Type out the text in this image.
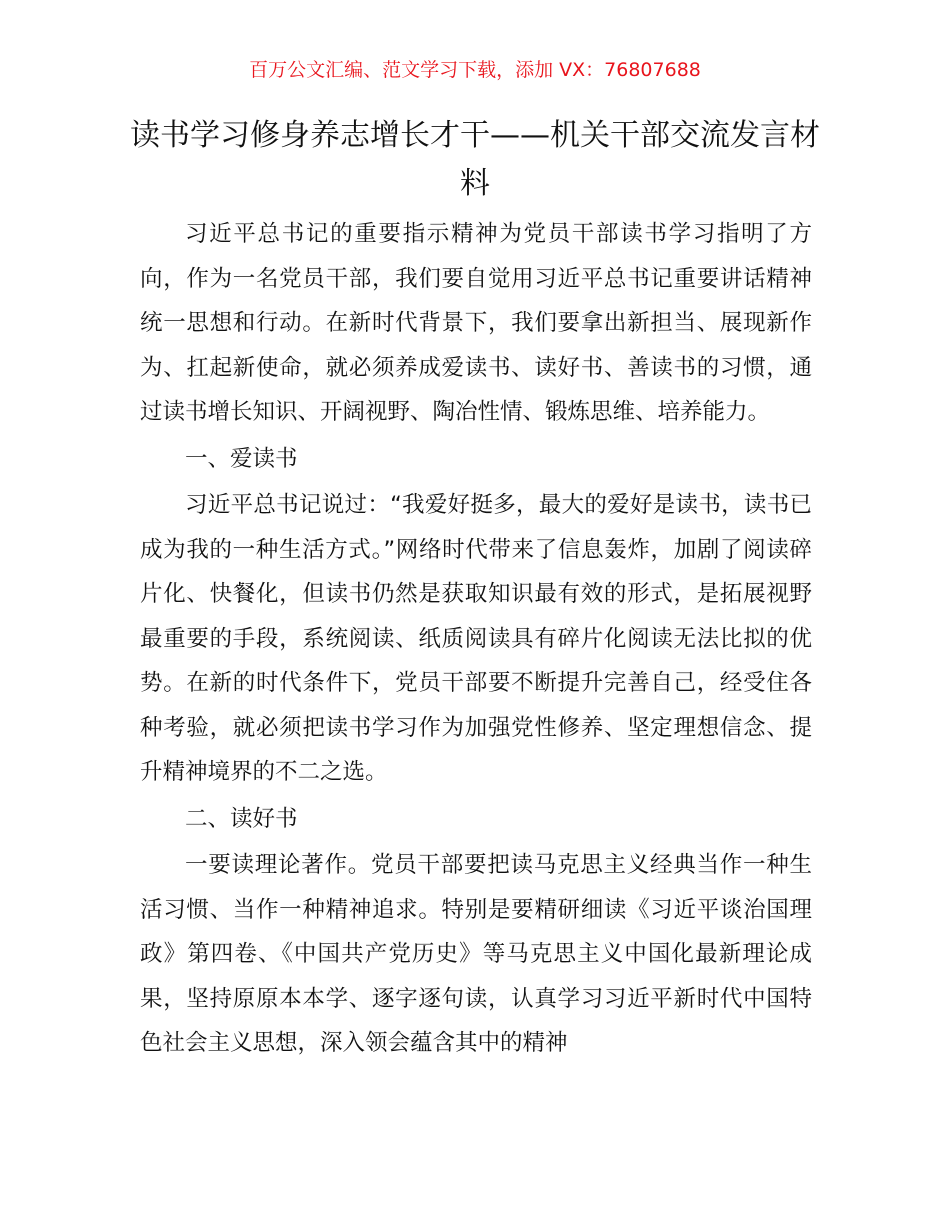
百万公文汇编、范文学习下载，添加 VX：76807688
读书学习修身养志增长才干——机关干部交流发言材料

习近平总书记的重要指示精神为党员干部读书学习指明了方向，作为一名党员干部，我们要自觉用习近平总书记重要讲话精神统一思想和行动。在新时代背景下，我们要拿出新担当、展现新作为、扛起新使命，就必须养成爱读书、读好书、善读书的习惯，通过读书增长知识、开阔视野、陶冶性情、锻炼思维、培养能力。

一、爱读书

习近平总书记说过：“我爱好挺多，最大的爱好是读书，读书已成为我的一种生活方式。”网络时代带来了信息轰炸，加剧了阅读碎片化、快餐化，但读书仍然是获取知识最有效的形式，是拓展视野最重要的手段，系统阅读、纸质阅读具有碎片化阅读无法比拟的优势。在新的时代条件下，党员干部要不断提升完善自己，经受住各种考验，就必须把读书学习作为加强党性修养、坚定理想信念、提升精神境界的不二之选。

二、读好书

一要读理论著作。党员干部要把读马克思主义经典当作一种生活习惯、当作一种精神追求。特别是要精研细读《习近平谈治国理政》第四卷、《中国共产党历史》等马克思主义中国化最新理论成果，坚持原原本本学、逐字逐句读，认真学习习近平新时代中国特色社会主义思想，深入领会蕴含其中的精神
